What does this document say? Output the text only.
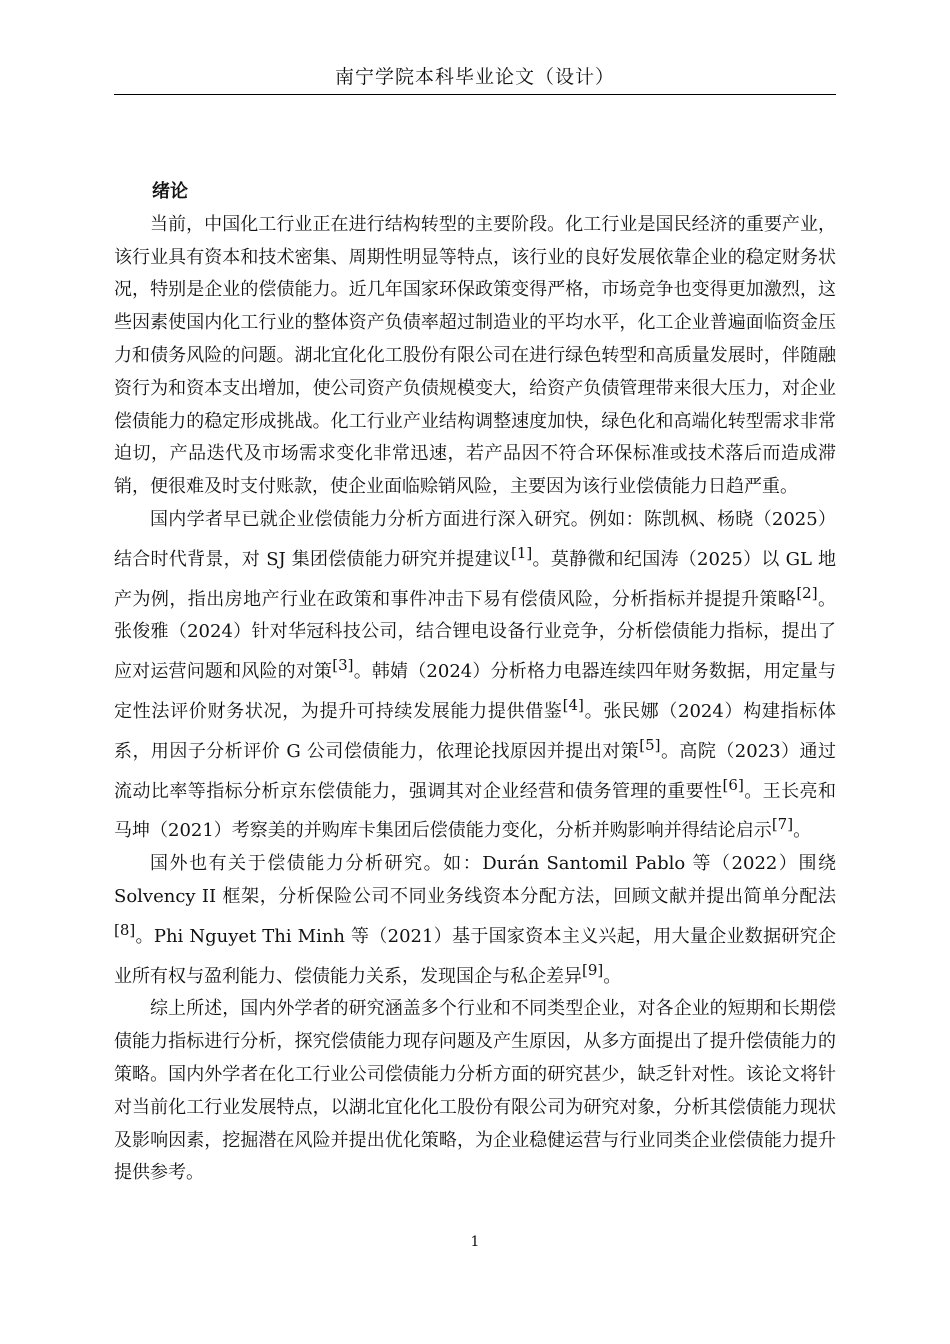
南宁学院本科毕业论文（设计）
绪论

当前，中国化工行业正在进行结构转型的主要阶段。化工行业是国民经济的重要产业，该行业具有资本和技术密集、周期性明显等特点，该行业的良好发展依靠企业的稳定财务状况，特别是企业的偿债能力。近几年国家环保政策变得严格，市场竞争也变得更加激烈，这些因素使国内化工行业的整体资产负债率超过制造业的平均水平，化工企业普遍面临资金压力和债务风险的问题。湖北宜化化工股份有限公司在进行绿色转型和高质量发展时，伴随融资行为和资本支出增加，使公司资产负债规模变大，给资产负债管理带来很大压力，对企业偿债能力的稳定形成挑战。化工行业产业结构调整速度加快，绿色化和高端化转型需求非常迫切，产品迭代及市场需求变化非常迅速，若产品因不符合环保标准或技术落后而造成滞销，便很难及时支付账款，使企业面临赊销风险，主要因为该行业偿债能力日趋严重。

国内学者早已就企业偿债能力分析方面进行深入研究。例如：陈凯枫、杨晓（2025）结合时代背景，对 SJ 集团偿债能力研究并提建议[1]。莫静微和纪国涛（2025）以 GL 地产为例，指出房地产行业在政策和事件冲击下易有偿债风险，分析指标并提提升策略[2]。张俊雅（2024）针对华冠科技公司，结合锂电设备行业竞争，分析偿债能力指标，提出了应对运营问题和风险的对策[3]。韩婧（2024）分析格力电器连续四年财务数据，用定量与定性法评价财务状况，为提升可持续发展能力提供借鉴[4]。张民娜（2024）构建指标体系，用因子分析评价 G 公司偿债能力，依理论找原因并提出对策[5]。高院（2023）通过流动比率等指标分析京东偿债能力，强调其对企业经营和债务管理的重要性[6]。王长亮和马坤（2021）考察美的并购库卡集团后偿债能力变化，分析并购影响并得结论启示[7]。

国外也有关于偿债能力分析研究。如：Durán Santomil Pablo 等（2022）围绕 Solvency II 框架，分析保险公司不同业务线资本分配方法，回顾文献并提出简单分配法[8]。Phi Nguyet Thi Minh 等（2021）基于国家资本主义兴起，用大量企业数据研究企业所有权与盈利能力、偿债能力关系，发现国企与私企差异[9]。

综上所述，国内外学者的研究涵盖多个行业和不同类型企业，对各企业的短期和长期偿债能力指标进行分析，探究偿债能力现存问题及产生原因，从多方面提出了提升偿债能力的策略。国内外学者在化工行业公司偿债能力分析方面的研究甚少，缺乏针对性。该论文将针对当前化工行业发展特点，以湖北宜化化工股份有限公司为研究对象，分析其偿债能力现状及影响因素，挖掘潜在风险并提出优化策略，为企业稳健运营与行业同类企业偿债能力提升提供参考。

1
